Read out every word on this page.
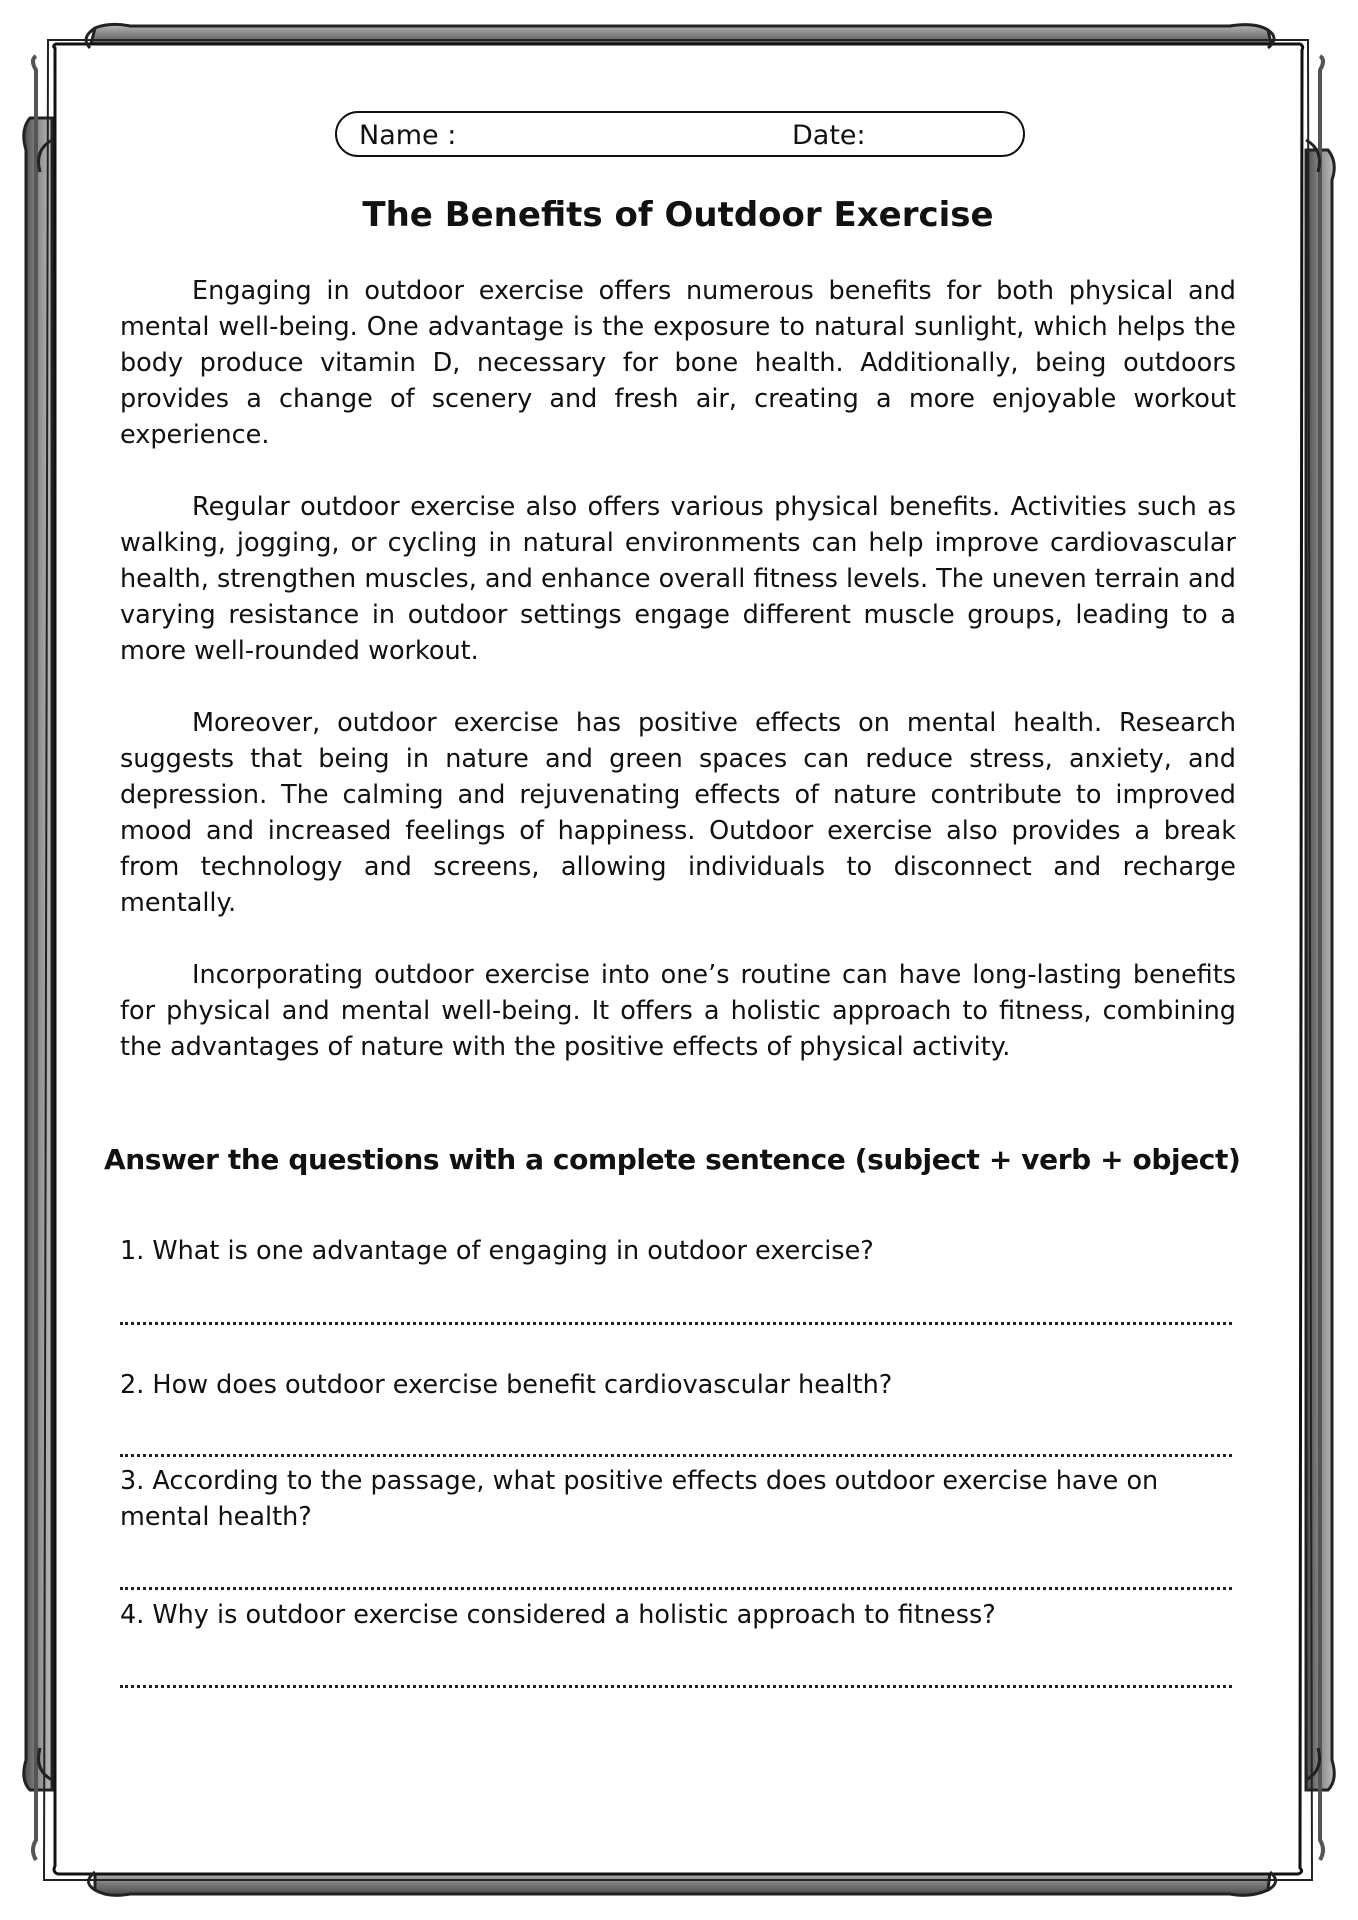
Name :	Date:
The Benefits of Outdoor Exercise

Engaging in outdoor exercise offers numerous benefits for both physical and mental well-being. One advantage is the exposure to natural sunlight, which helps the body produce vitamin D, necessary for bone health. Additionally, being outdoors provides a change of scenery and fresh air, creating a more enjoyable workout experience.

Regular outdoor exercise also offers various physical benefits. Activities such as walking, jogging, or cycling in natural environments can help improve cardiovascular health, strengthen muscles, and enhance overall fitness levels. The uneven terrain and varying resistance in outdoor settings engage different muscle groups, leading to a more well-rounded workout.

Moreover, outdoor exercise has positive effects on mental health. Research suggests that being in nature and green spaces can reduce stress, anxiety, and depression. The calming and rejuvenating effects of nature contribute to improved mood and increased feelings of happiness. Outdoor exercise also provides a break from technology and screens, allowing individuals to disconnect and recharge mentally.

Incorporating outdoor exercise into one’s routine can have long-lasting benefits for physical and mental well-being. It offers a holistic approach to fitness, combining the advantages of nature with the positive effects of physical activity.

Answer the questions with a complete sentence (subject + verb + object)
1. What is one advantage of engaging in outdoor exercise?
2. How does outdoor exercise benefit cardiovascular health?
3. According to the passage, what positive effects does outdoor exercise have on mental health?
4. Why is outdoor exercise considered a holistic approach to fitness?
